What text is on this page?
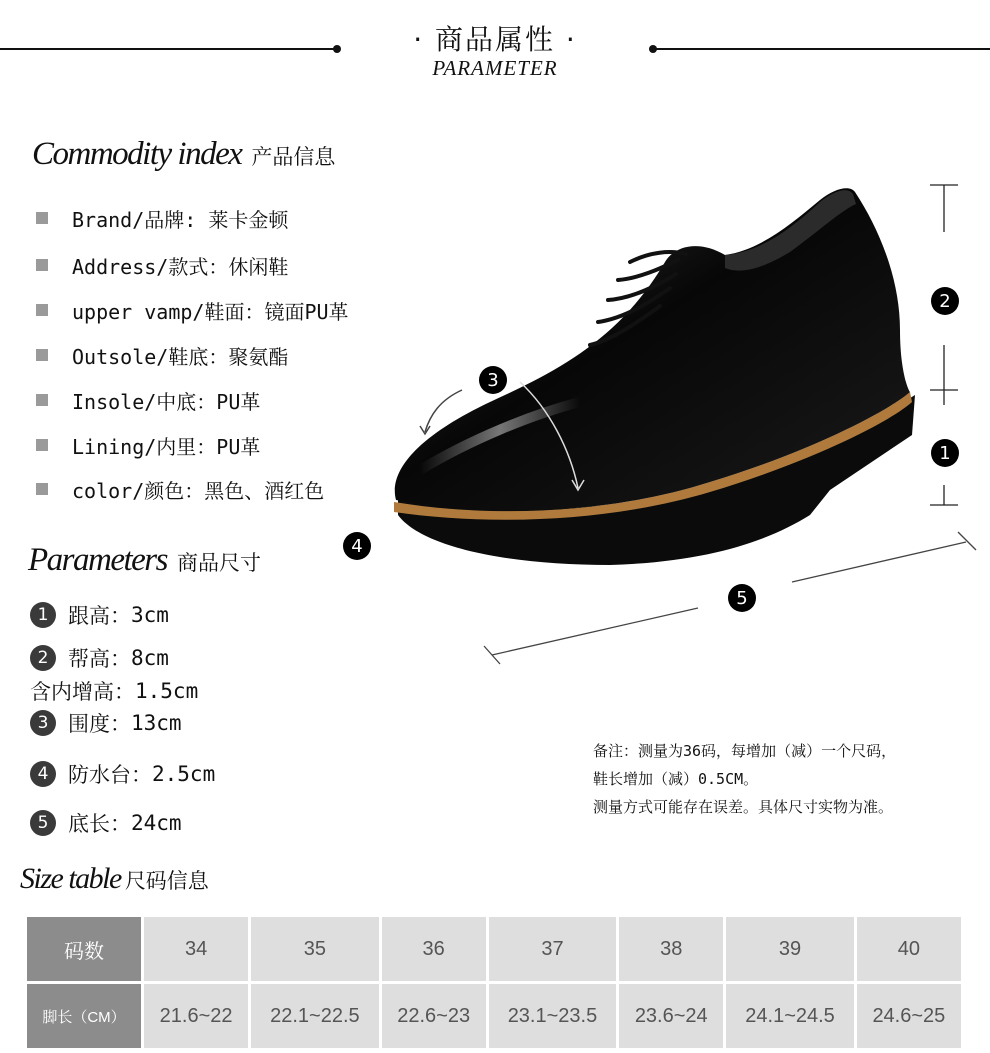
· 商品属性 ·
PARAMETER
Commodity index 产品信息
Brand/品牌: 莱卡金顿
Address/款式：休闲鞋
upper vamp/鞋面：镜面PU革
Outsole/鞋底：聚氨酯
Insole/中底：PU革
Lining/内里：PU革
color/颜色：黑色、酒红色
Parameters 商品尺寸
1 跟高： 3cm
2 帮高： 8cm
含内增高： 1.5cm
3 围度： 13cm
4 防水台： 2.5cm
5 底长： 24cm
备注：测量为36码，每增加（减）一个尺码，
鞋长增加（减）0.5CM。
测量方式可能存在误差。具体尺寸实物为准。
1
2
3
4
5
Size table 尺码信息
码数	34	35	36	37	38	39	40
脚长（CM）	21.6~22	22.1~22.5	22.6~23	23.1~23.5	23.6~24	24.1~24.5	24.6~25
